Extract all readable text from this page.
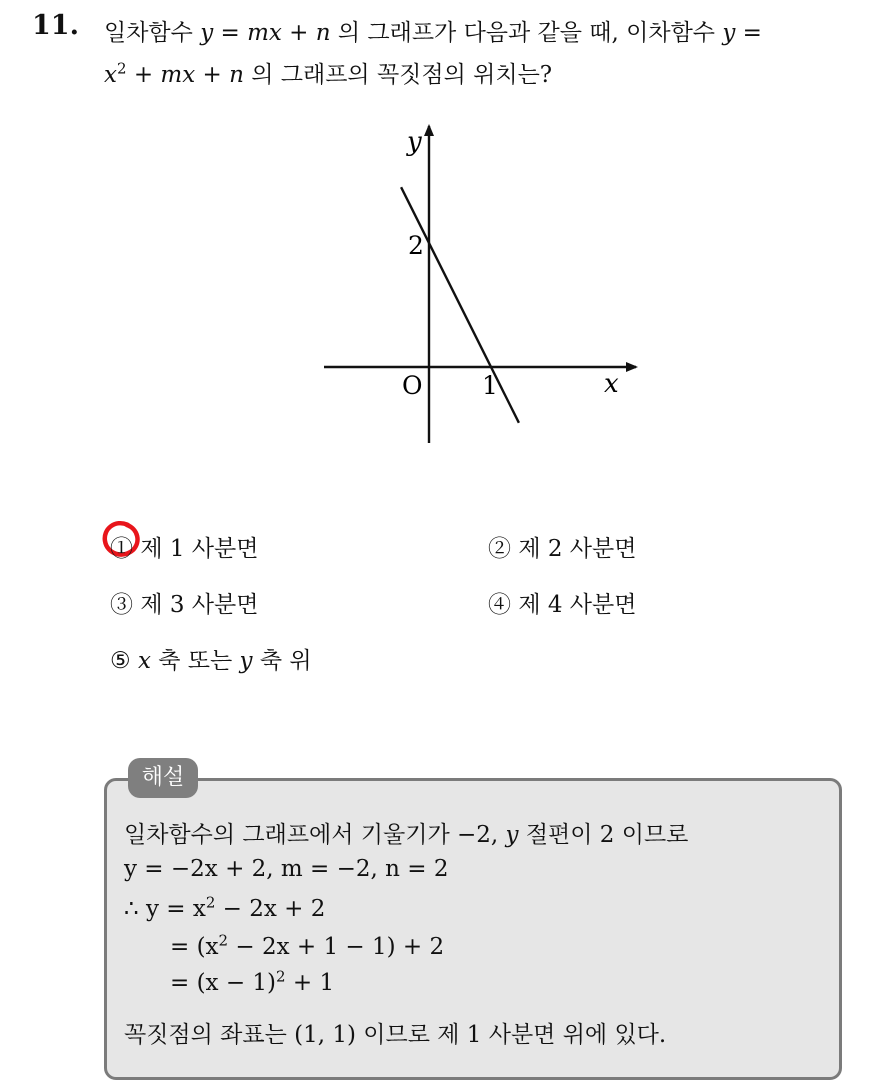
11. 일차함수 y = mx + n 의 그래프가 다음과 같을 때, 이차함수 y =
$x^2$ + mx + n 의 그래프의 꼭짓점의 위치는?
y
x
O
2
1
① 제 1 사분면	② 제 2 사분면
③ 제 3 사분면	④ 제 4 사분면
⑤ x 축 또는 y 축 위
해설
일차함수의 그래프에서 기울기가 −2, y 절편이 2 이므로
y = −2x + 2, m = −2, n = 2
∴ $y = x^2 - 2x + 2$
= $(x^2 - 2x + 1 - 1) + 2$
= $(x - 1)^2 + 1$
꼭짓점의 좌표는 (1, 1) 이므로 제 1 사분면 위에 있다.
